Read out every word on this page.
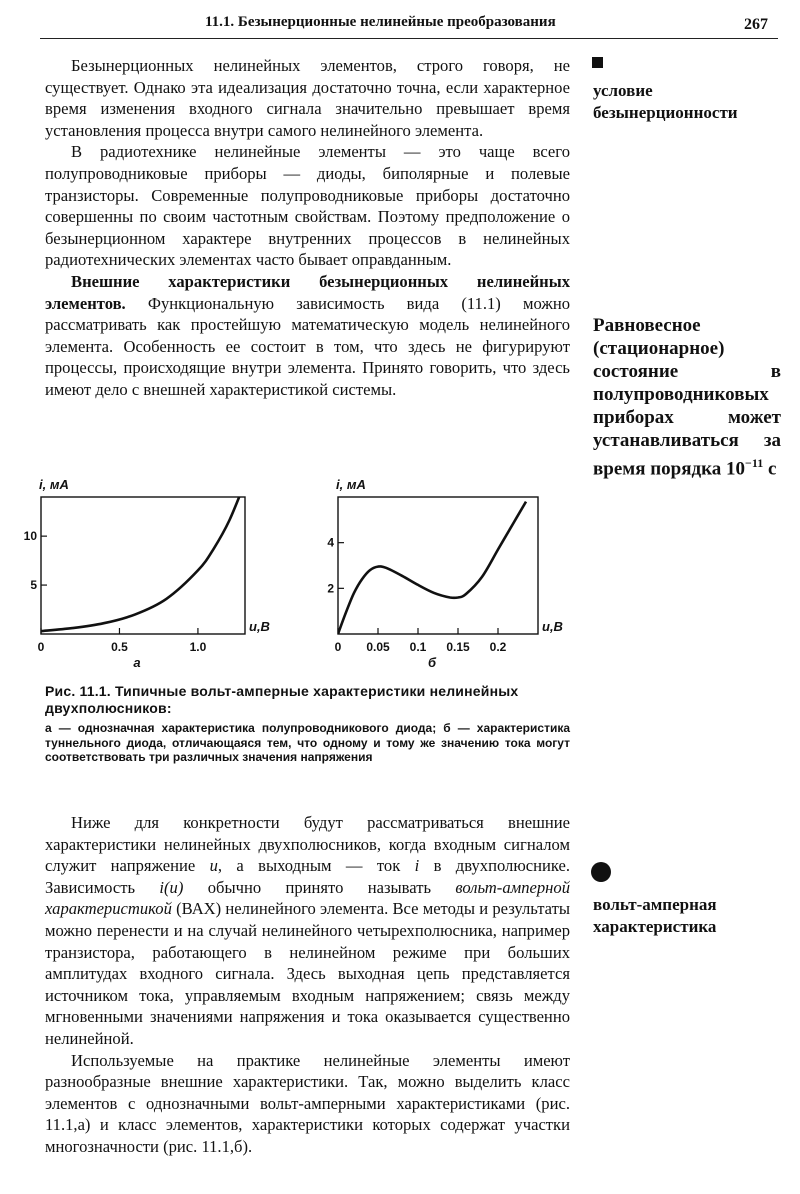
11.1. Безынерционные нелинейные преобразования	267

Безынерционных нелинейных элементов, строго говоря, не существует. Однако эта идеализация достаточно точна, если характерное время изменения входного сигнала значительно превышает время установления процесса внутри самого нелинейного элемента.

В радиотехнике нелинейные элементы — это чаще всего полупроводниковые приборы — диоды, биполярные и полевые транзисторы. Современные полупроводниковые приборы достаточно совершенны по своим частотным свойствам. Поэтому предположение о безынерционном характере внутренних процессов в нелинейных радиотехнических элементах часто бывает оправданным.

Внешние характеристики безынерционных нелинейных элементов. Функциональную зависимость вида (11.1) можно рассматривать как простейшую математическую модель нелинейного элемента. Особенность ее состоит в том, что здесь не фигурируют процессы, происходящие внутри элемента. Принято говорить, что здесь имеют дело с внешней характеристикой системы.

условие безынерционности
Равновесное (стационарное) состояние в полупроводниковых приборах может устанавливаться за время порядка $10^{-11}$ с
0	0.5	1.0
5
10
i, мА
u,В
а
0 0.05 0.1 0.15 0.2
2
4
i, мА
u,В
б
Рис. 11.1. Типичные вольт-амперные характеристики нелинейных двухполюсников:
а — однозначная характеристика полупроводникового диода; б — характеристика туннельного диода, отличающаяся тем, что одному и тому же значению тока могут соответствовать три различных значения напряжения

Ниже для конкретности будут рассматриваться внешние характеристики нелинейных двухполюсников, когда входным сигналом служит напряжение u, а выходным — ток i в двухполюснике. Зависимость i(u) обычно принято называть вольт-амперной характеристикой (ВАХ) нелинейного элемента. Все методы и результаты можно перенести и на случай нелинейного четырехполюсника, например транзистора, работающего в нелинейном режиме при больших амплитудах входного сигнала. Здесь выходная цепь представляется источником тока, управляемым входным напряжением; связь между мгновенными значениями напряжения и тока оказывается существенно нелинейной.

Используемые на практике нелинейные элементы имеют разнообразные внешние характеристики. Так, можно выделить класс элементов с однозначными вольт-амперными характеристиками (рис. 11.1,а) и класс элементов, характеристики которых содержат участки многозначности (рис. 11.1,б).

вольт-амперная характеристика
